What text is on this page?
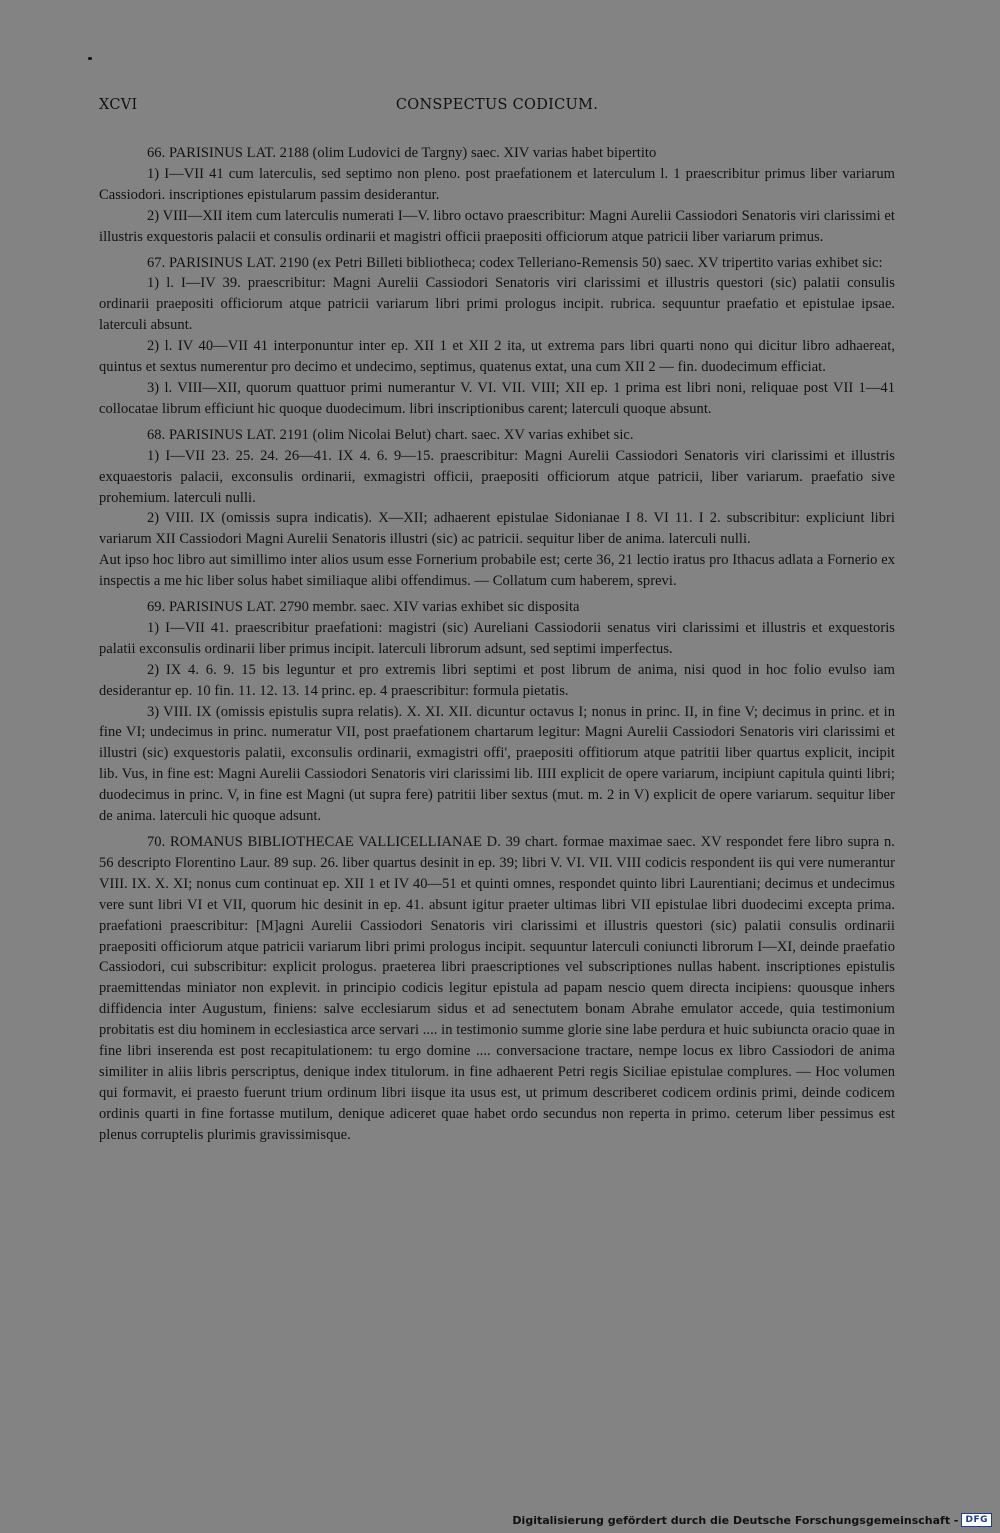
XCVI	CONSPECTUS CODICUM.

66. PARISINUS LAT. 2188 (olim Ludovici de Targny) saec. XIV varias habet bipertito

1) I—VII 41 cum laterculis, sed septimo non pleno. post praefationem et laterculum l. 1 praescribitur primus liber variarum Cassiodori. inscriptiones epistularum passim desiderantur.

2) VIII—XII item cum laterculis numerati I—V. libro octavo praescribitur: Magni Aurelii Cassiodori Senatoris viri clarissimi et illustris exquestoris palacii et consulis ordinarii et magistri officii praepositi officiorum atque patricii liber variarum primus.

67. PARISINUS LAT. 2190 (ex Petri Billeti bibliotheca; codex Telleriano-Remensis 50) saec. XV tripertito varias exhibet sic:

1) l. I—IV 39. praescribitur: Magni Aurelii Cassiodori Senatoris viri clarissimi et illustris questori (sic) palatii consulis ordinarii praepositi officiorum atque patricii variarum libri primi prologus incipit. rubrica. sequuntur praefatio et epistulae ipsae. laterculi absunt.

2) l. IV 40—VII 41 interponuntur inter ep. XII 1 et XII 2 ita, ut extrema pars libri quarti nono qui dicitur libro adhaereat, quintus et sextus numerentur pro decimo et undecimo, septimus, quatenus extat, una cum XII 2 — fin. duodecimum efficiat.

3) l. VIII—XII, quorum quattuor primi numerantur V. VI. VII. VIII; XII ep. 1 prima est libri noni, reliquae post VII 1—41 collocatae librum efficiunt hic quoque duodecimum. libri inscriptionibus carent; laterculi quoque absunt.

68. PARISINUS LAT. 2191 (olim Nicolai Belut) chart. saec. XV varias exhibet sic.

1) I—VII 23. 25. 24. 26—41. IX 4. 6. 9—15. praescribitur: Magni Aurelii Cassiodori Senatoris viri clarissimi et illustris exquaestoris palacii, exconsulis ordinarii, exmagistri officii, praepositi officiorum atque patricii, liber variarum. praefatio sive prohemium. laterculi nulli.

2) VIII. IX (omissis supra indicatis). X—XII; adhaerent epistulae Sidonianae I 8. VI 11. I 2. subscribitur: expliciunt libri variarum XII Cassiodori Magni Aurelii Senatoris illustri (sic) ac patricii. sequitur liber de anima. laterculi nulli.

Aut ipso hoc libro aut simillimo inter alios usum esse Fornerium probabile est; certe 36, 21 lectio iratus pro Ithacus adlata a Fornerio ex inspectis a me hic liber solus habet similiaque alibi offendimus. — Collatum cum haberem, sprevi.

69. PARISINUS LAT. 2790 membr. saec. XIV varias exhibet sic disposita

1) I—VII 41. praescribitur praefationi: magistri (sic) Aureliani Cassiodorii senatus viri clarissimi et illustris et exquestoris palatii exconsulis ordinarii liber primus incipit. laterculi librorum adsunt, sed septimi imperfectus.

2) IX 4. 6. 9. 15 bis leguntur et pro extremis libri septimi et post librum de anima, nisi quod in hoc folio evulso iam desiderantur ep. 10 fin. 11. 12. 13. 14 princ. ep. 4 praescribitur: formula pietatis.

3) VIII. IX (omissis epistulis supra relatis). X. XI. XII. dicuntur octavus I; nonus in princ. II, in fine V; decimus in princ. et in fine VI; undecimus in princ. numeratur VII, post praefationem chartarum legitur: Magni Aurelii Cassiodori Senatoris viri clarissimi et illustri (sic) exquestoris palatii, exconsulis ordinarii, exmagistri offi', praepositi offitiorum atque patritii liber quartus explicit, incipit lib. Vus, in fine est: Magni Aurelii Cassiodori Senatoris viri clarissimi lib. IIII explicit de opere variarum, incipiunt capitula quinti libri; duodecimus in princ. V, in fine est Magni (ut supra fere) patritii liber sextus (mut. m. 2 in V) explicit de opere variarum. sequitur liber de anima. laterculi hic quoque adsunt.

70. ROMANUS BIBLIOTHECAE VALLICELLIANAE D. 39 chart. formae maximae saec. XV respondet fere libro supra n. 56 descripto Florentino Laur. 89 sup. 26. liber quartus desinit in ep. 39; libri V. VI. VII. VIII codicis respondent iis qui vere numerantur VIII. IX. X. XI; nonus cum continuat ep. XII 1 et IV 40—51 et quinti omnes, respondet quinto libri Laurentiani; decimus et undecimus vere sunt libri VI et VII, quorum hic desinit in ep. 41. absunt igitur praeter ultimas libri VII epistulae libri duodecimi excepta prima. praefationi praescribitur: [M]agni Aurelii Cassiodori Senatoris viri clarissimi et illustris questori (sic) palatii consulis ordinarii praepositi officiorum atque patricii variarum libri primi prologus incipit. sequuntur laterculi coniuncti librorum I—XI, deinde praefatio Cassiodori, cui subscribitur: explicit prologus. praeterea libri praescriptiones vel subscriptiones nullas habent. inscriptiones epistulis praemittendas miniator non explevit. in principio codicis legitur epistula ad papam nescio quem directa incipiens: quousque inhers diffidencia inter Augustum, finiens: salve ecclesiarum sidus et ad senectutem bonam Abrahe emulator accede, quia testimonium probitatis est diu hominem in ecclesiastica arce servari .... in testimonio summe glorie sine labe perdura et huic subiuncta oracio quae in fine libri inserenda est post recapitulationem: tu ergo domine .... conversacione tractare, nempe locus ex libro Cassiodori de anima similiter in aliis libris perscriptus, denique index titulorum. in fine adhaerent Petri regis Siciliae epistulae complures. — Hoc volumen qui formavit, ei praesto fuerunt trium ordinum libri iisque ita usus est, ut primum describeret codicem ordinis primi, deinde codicem ordinis quarti in fine fortasse mutilum, denique adiceret quae habet ordo secundus non reperta in primo. ceterum liber pessimus est plenus corruptelis plurimis gravissimisque.

Digitalisierung gefördert durch die Deutsche Forschungsgemeinschaft - DFG
